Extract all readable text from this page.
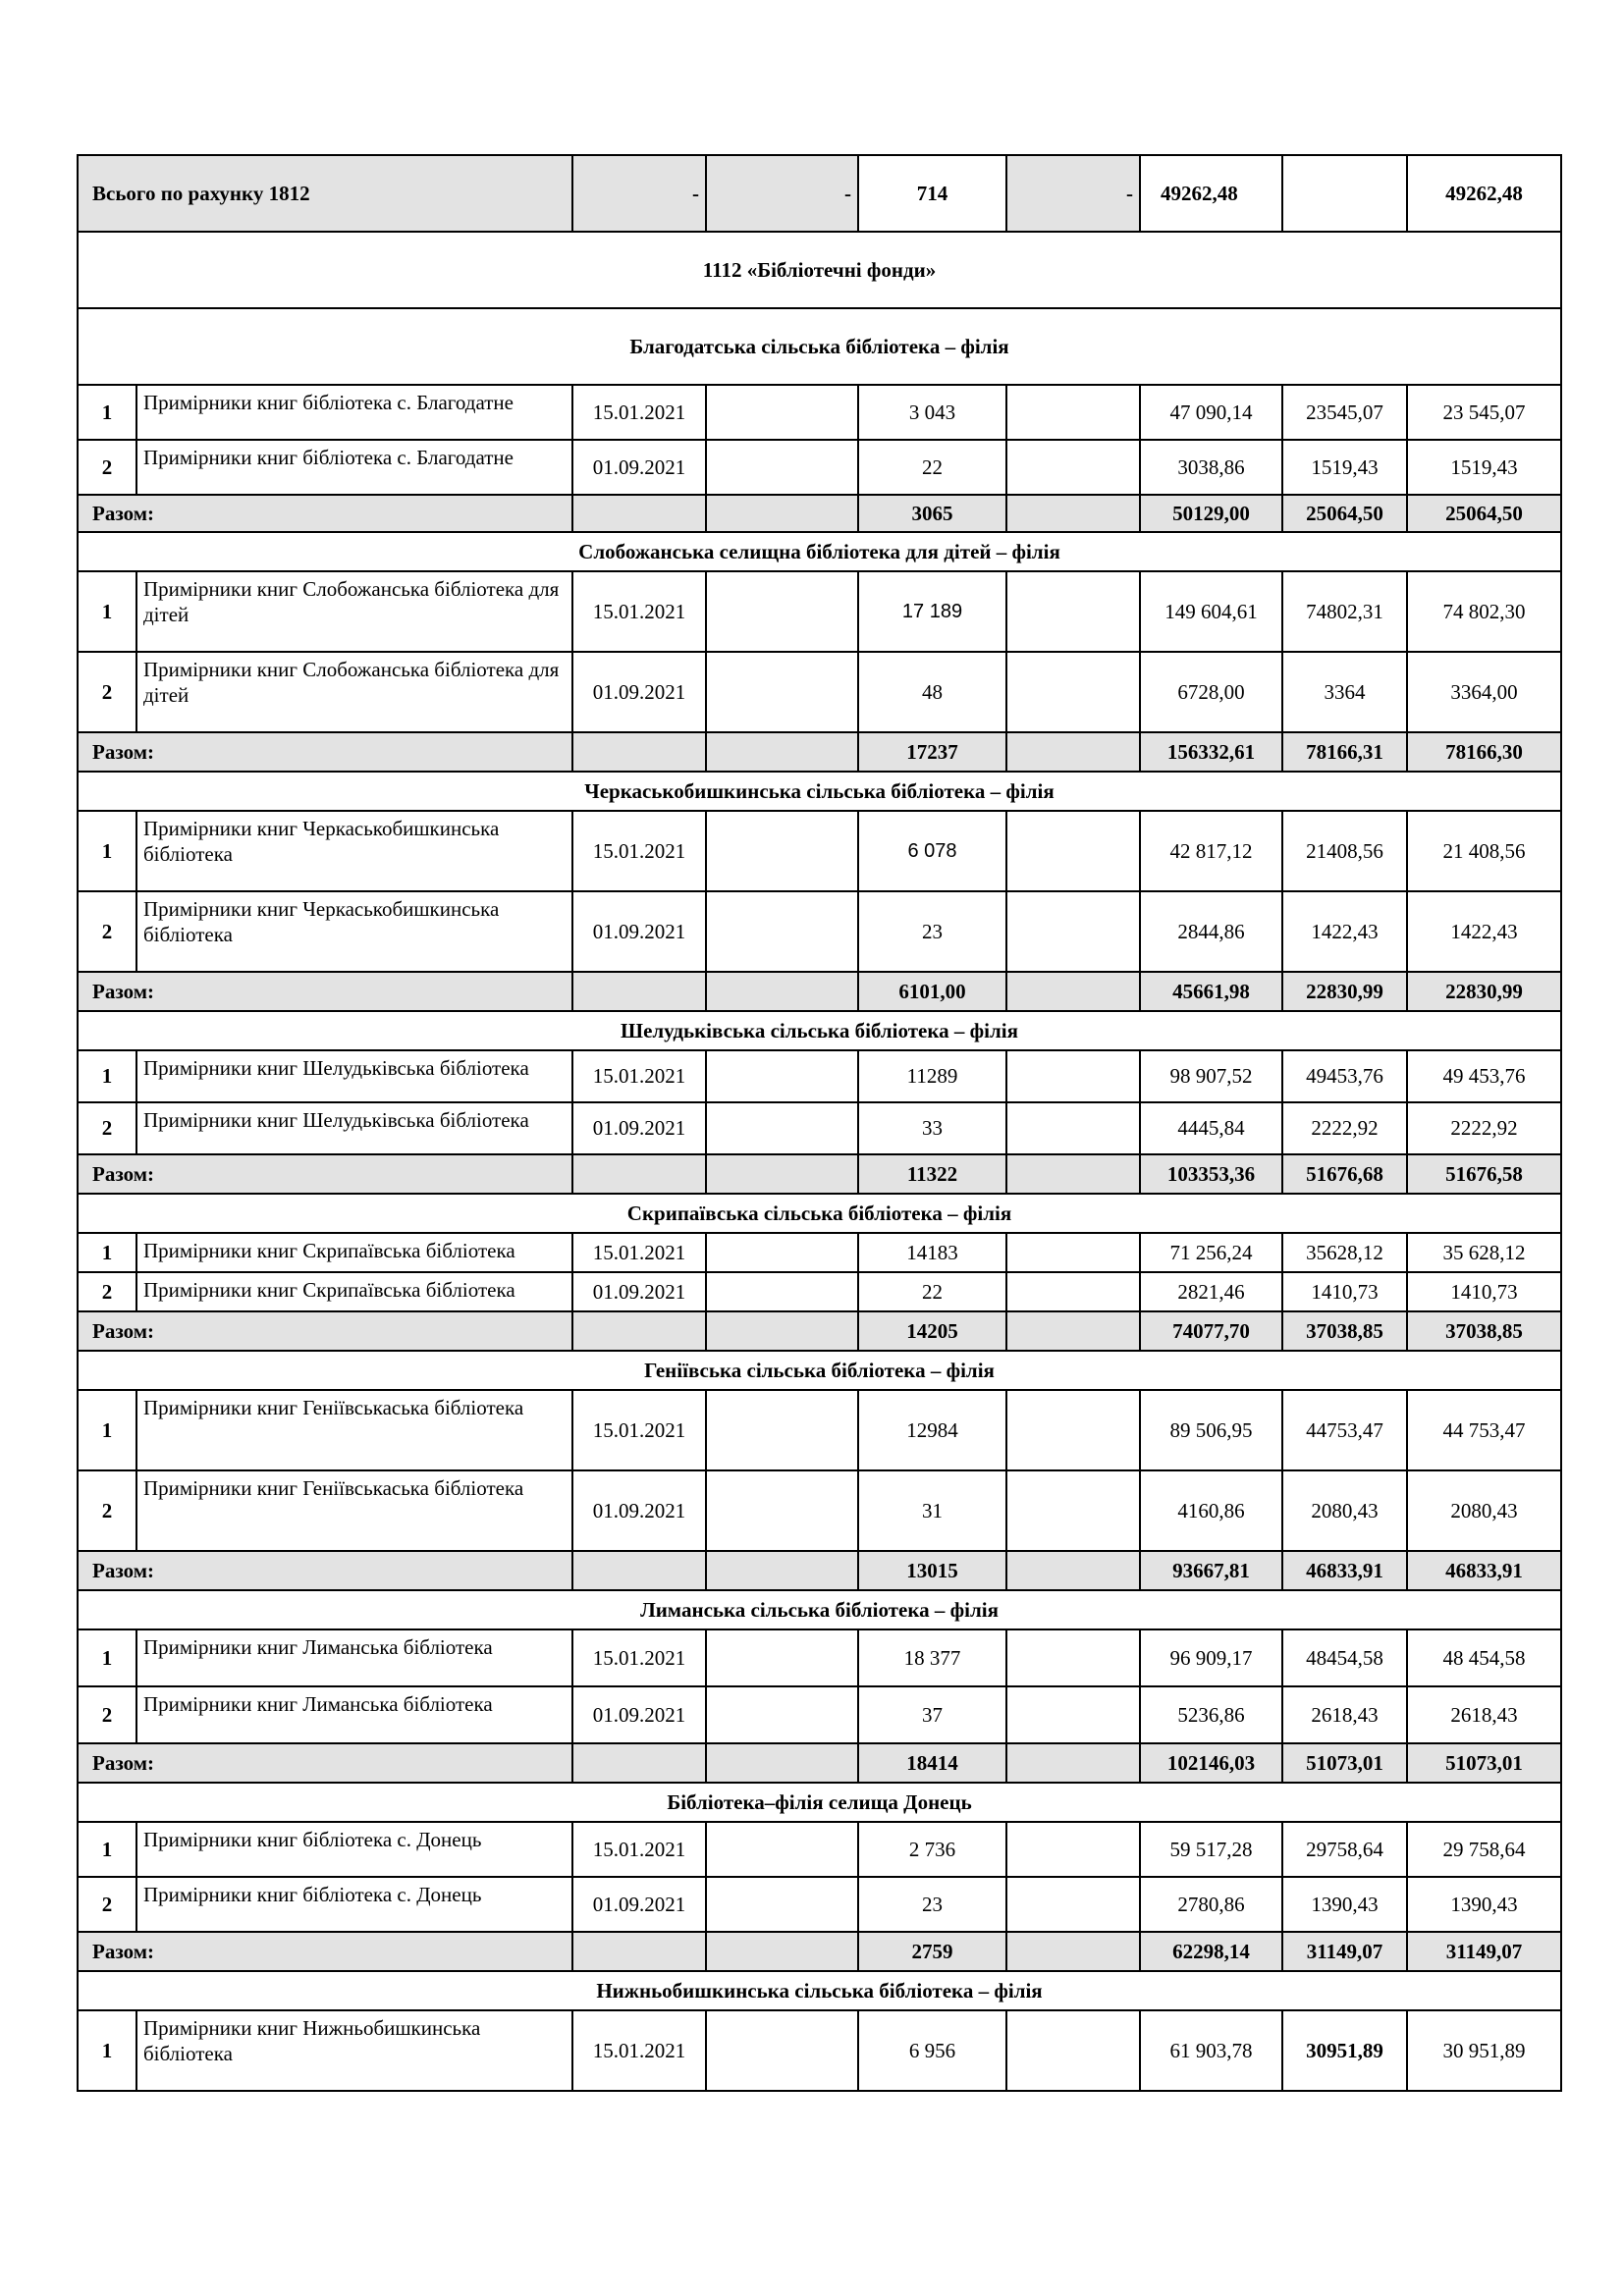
Всього по рахунку 1812		-	-	714	-	49262,48		49262,48
1112 «Бібліотечні фонди»								
Благодатська сільська бібліотека – філія								
1	Примірники книг бібліотека с. Благодатне	15.01.2021		3 043		47 090,14	23545,07	23 545,07
2	Примірники книг бібліотека с. Благодатне	01.09.2021		22		3038,86	1519,43	1519,43
Разом:				3065		50129,00	25064,50	25064,50
Слобожанська селищна бібліотека для дітей – філія								
1	Примірники книг Слобожанська бібліотека для дітей	15.01.2021		17 189		149 604,61	74802,31	74 802,30
2	Примірники книг Слобожанська бібліотека для дітей	01.09.2021		48		6728,00	3364	3364,00
Разом:				17237		156332,61	78166,31	78166,30
Черкаськобишкинська сільська бібліотека – філія								
1	Примірники книг Черкаськобишкинська бібліотека	15.01.2021		6 078		42 817,12	21408,56	21 408,56
2	Примірники книг Черкаськобишкинська бібліотека	01.09.2021		23		2844,86	1422,43	1422,43
Разом:				6101,00		45661,98	22830,99	22830,99
Шелудьківська сільська бібліотека – філія								
1	Примірники книг Шелудьківська бібліотека	15.01.2021		11289		98 907,52	49453,76	49 453,76
2	Примірники книг Шелудьківська бібліотека	01.09.2021		33		4445,84	2222,92	2222,92
Разом:				11322		103353,36	51676,68	51676,58
Скрипаївська сільська бібліотека – філія								
1	Примірники книг Скрипаївська бібліотека	15.01.2021		14183		71 256,24	35628,12	35 628,12
2	Примірники книг Скрипаївська бібліотека	01.09.2021		22		2821,46	1410,73	1410,73
Разом:				14205		74077,70	37038,85	37038,85
Геніївська сільська бібліотека – філія								
1	Примірники книг Геніївськаська бібліотека	15.01.2021		12984		89 506,95	44753,47	44 753,47
2	Примірники книг Геніївськаська бібліотека	01.09.2021		31		4160,86	2080,43	2080,43
Разом:				13015		93667,81	46833,91	46833,91
Лиманська сільська бібліотека – філія								
1	Примірники книг Лиманська бібліотека	15.01.2021		18 377		96 909,17	48454,58	48 454,58
2	Примірники книг Лиманська бібліотека	01.09.2021		37		5236,86	2618,43	2618,43
Разом:				18414		102146,03	51073,01	51073,01
Бібліотека–філія селища Донець								
1	Примірники книг бібліотека с. Донець	15.01.2021		2 736		59 517,28	29758,64	29 758,64
2	Примірники книг бібліотека с. Донець	01.09.2021		23		2780,86	1390,43	1390,43
Разом:				2759		62298,14	31149,07	31149,07
Нижньобишкинська сільська бібліотека – філія								
1	Примірники книг Нижньобишкинська бібліотека	15.01.2021		6 956		61 903,78	30951,89	30 951,89
